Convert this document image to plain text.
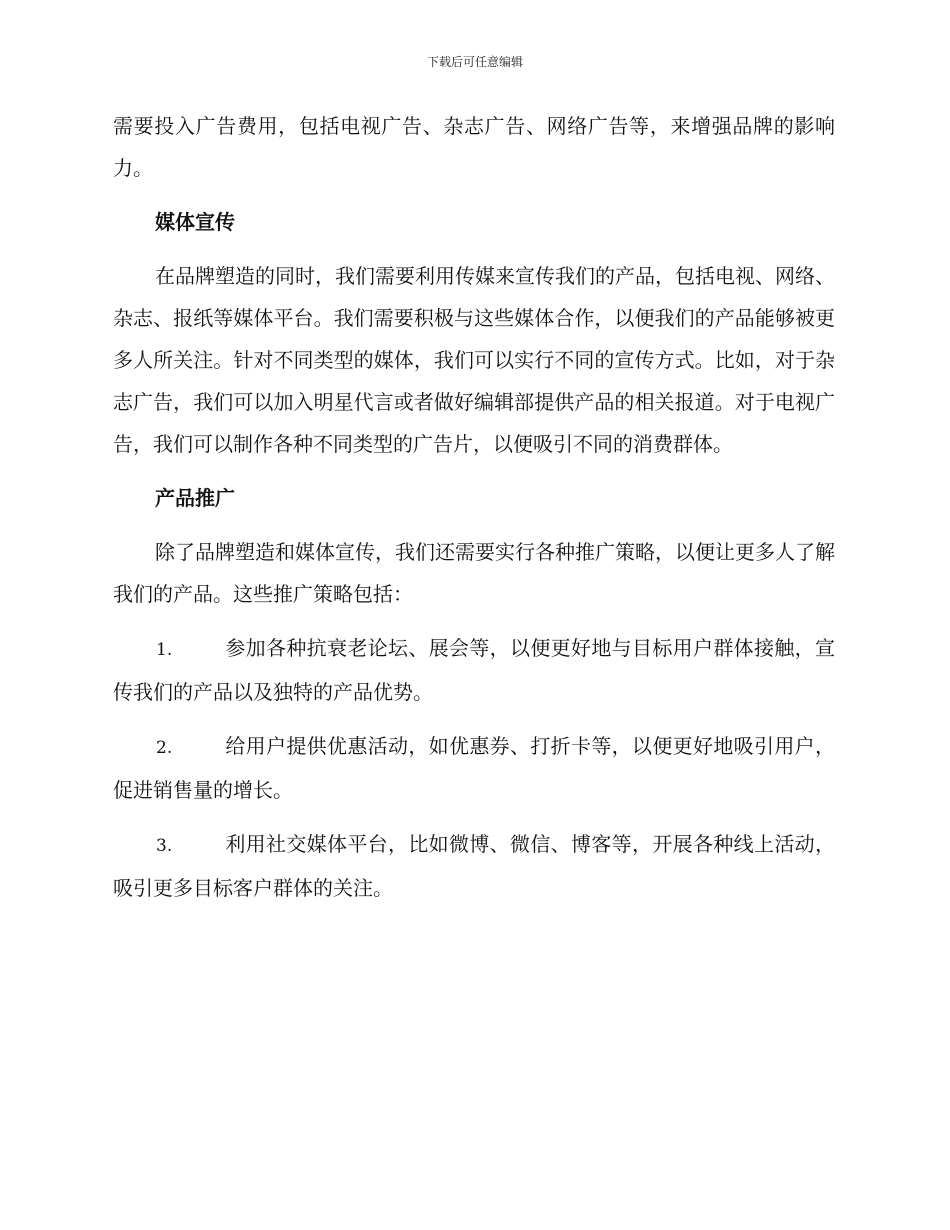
下载后可任意编辑

需要投入广告费用，包括电视广告、杂志广告、网络广告等，来增强品牌的影响力。

媒体宣传

在品牌塑造的同时，我们需要利用传媒来宣传我们的产品，包括电视、网络、杂志、报纸等媒体平台。我们需要积极与这些媒体合作，以便我们的产品能够被更多人所关注。针对不同类型的媒体，我们可以实行不同的宣传方式。比如，对于杂志广告，我们可以加入明星代言或者做好编辑部提供产品的相关报道。对于电视广告，我们可以制作各种不同类型的广告片，以便吸引不同的消费群体。

产品推广

除了品牌塑造和媒体宣传，我们还需要实行各种推广策略，以便让更多人了解我们的产品。这些推广策略包括：

1.	参加各种抗衰老论坛、展会等，以便更好地与目标用户群体接触，宣传我们的产品以及独特的产品优势。

2.	给用户提供优惠活动，如优惠券、打折卡等，以便更好地吸引用户，促进销售量的增长。

3.	利用社交媒体平台，比如微博、微信、博客等，开展各种线上活动，吸引更多目标客户群体的关注。
